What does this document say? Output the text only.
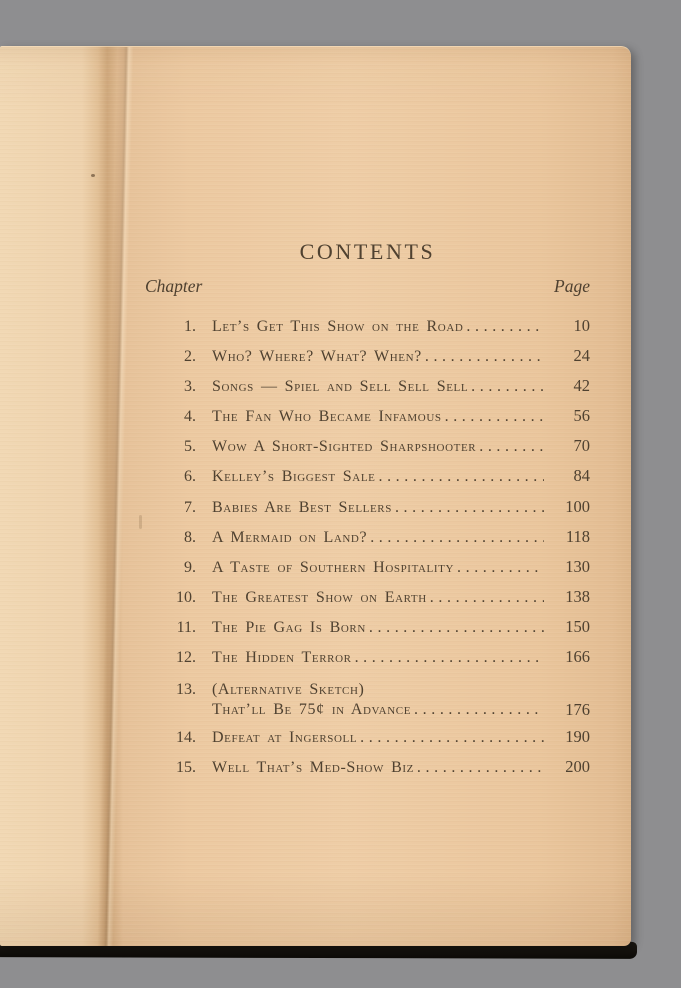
CONTENTS
Chapter	Page
1. Let’s Get This Show on the Road .....	10
2. Who? Where? What? When? .....	24
3. Songs — Spiel and Sell Sell Sell .....	42
4. The Fan Who Became Infamous .....	56
5. Wow A Short-Sighted Sharpshooter .....	70
6. Kelley’s Biggest Sale .....	84
7. Babies Are Best Sellers .....	100
8. A Mermaid on Land? .....	118
9. A Taste of Southern Hospitality .....	130
10. The Greatest Show on Earth .....	138
11. The Pie Gag Is Born .....	150
12. The Hidden Terror .....	166
13. (Alternative Sketch)
That’ll Be 75¢ in Advance .....	176
14. Defeat at Ingersoll .....	190
15. Well That’s Med-Show Biz .....	200
